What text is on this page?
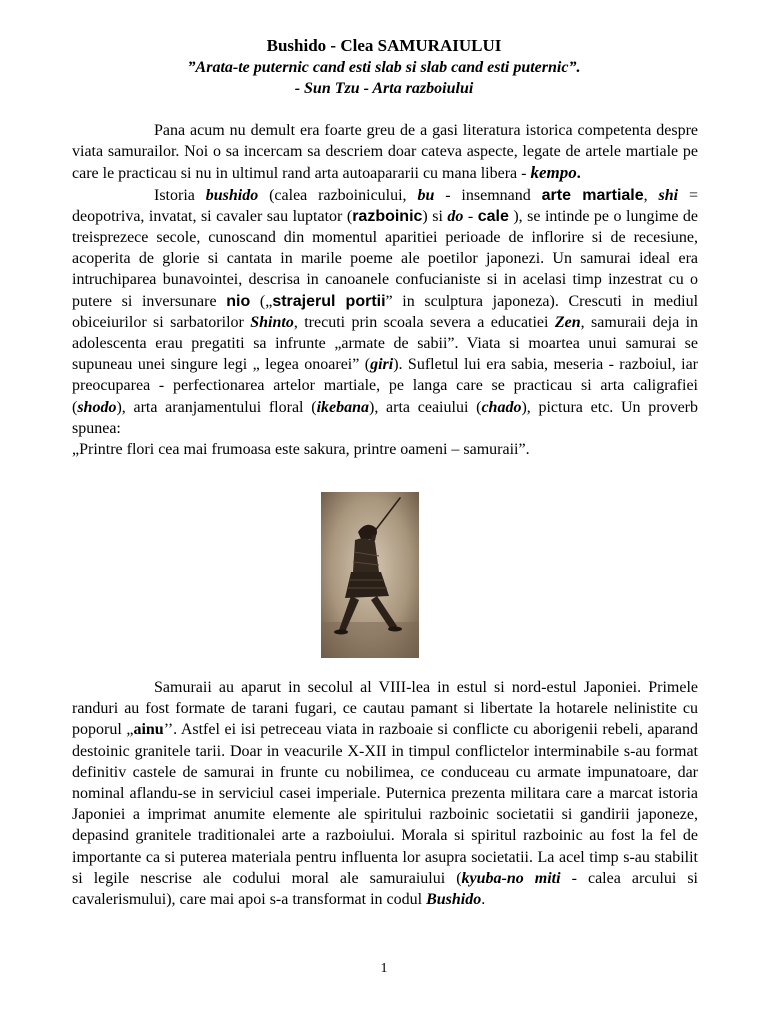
Bushido - Clea SAMURAIULUI
”Arata-te puternic cand esti slab si slab cand esti puternic”.
- Sun Tzu - Arta razboiului

Pana acum nu demult era foarte greu de a gasi literatura istorica competenta despre viata samurailor. Noi o sa incercam sa descriem doar cateva aspecte, legate de artele martiale pe care le practicau si nu in ultimul rand arta autoapararii cu mana libera - kempo.

Istoria bushido (calea razboinicului, bu - insemnand arte martiale, shi = deopotriva, invatat, si cavaler sau luptator (razboinic) si do - cale ), se intinde pe o lungime de treisprezece secole, cunoscand din momentul aparitiei perioade de inflorire si de recesiune, acoperita de glorie si cantata in marile poeme ale poetilor japonezi. Un samurai ideal era intruchiparea bunavointei, descrisa in canoanele confucianiste si in acelasi timp inzestrat cu o putere si inversunare nio („strajerul portii” in sculptura japoneza). Crescuti in mediul obiceiurilor si sarbatorilor Shinto, trecuti prin scoala severa a educatiei Zen, samuraii deja in adolescenta erau pregatiti sa infrunte „armate de sabii”. Viata si moartea unui samurai se supuneau unei singure legi „ legea onoarei” (giri). Sufletul lui era sabia, meseria - razboiul, iar preocuparea - perfectionarea artelor martiale, pe langa care se practicau si arta caligrafiei (shodo), arta aranjamentului floral (ikebana), arta ceaiului (chado), pictura etc. Un proverb spunea:

„Printre flori cea mai frumoasa este sakura, printre oameni – samuraii”.

Samuraii au aparut in secolul al VIII-lea in estul si nord-estul Japoniei. Primele randuri au fost formate de tarani fugari, ce cautau pamant si libertate la hotarele nelinistite cu poporul „ainu’’. Astfel ei isi petreceau viata in razboaie si conflicte cu aborigenii rebeli, aparand destoinic granitele tarii. Doar in veacurile X-XII in timpul conflictelor interminabile s-au format definitiv castele de samurai in frunte cu nobilimea, ce conduceau cu armate impunatoare, dar nominal aflandu-se in serviciul casei imperiale. Puternica prezenta militara care a marcat istoria Japoniei a imprimat anumite elemente ale spiritului razboinic societatii si gandirii japoneze, depasind granitele traditionalei arte a razboiului. Morala si spiritul razboinic au fost la fel de importante ca si puterea materiala pentru influenta lor asupra societatii. La acel timp s-au stabilit si legile nescrise ale codului moral ale samuraiului (kyuba-no miti - calea arcului si cavalerismului), care mai apoi s-a transformat in codul Bushido.

1
